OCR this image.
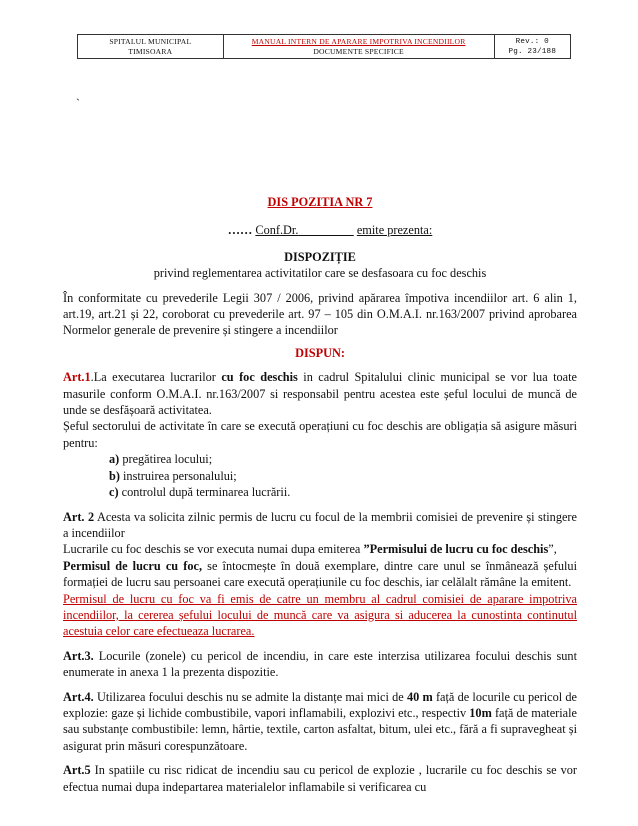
SPITALUL MUNICIPAL
TIMISOARA

MANUAL INTERN DE APARARE IMPOTRIVA INCENDIILOR
DOCUMENTE SPECIFICE

Rev.: 0
Pg. 23/188
`

DIS POZITIA NR 7

…… Conf.Dr.	emite prezenta:

DISPOZIȚIE

privind reglementarea activitatilor care se desfasoara cu foc deschis

În conformitate cu prevederile Legii 307 / 2006, privind apărarea împotiva incendiilor art. 6 alin 1, art.19, art.21 și 22, coroborat cu prevederile art. 97 – 105 din O.M.A.I. nr.163/2007 privind aprobarea Normelor generale de prevenire și stingere a incendiilor

DISPUN:

Art.1.La executarea lucrarilor cu foc deschis in cadrul Spitalului clinic municipal se vor lua toate masurile conform O.M.A.I. nr.163/2007 si responsabil pentru acestea este șeful locului de muncă de unde se desfășoară activitatea.

Șeful sectorului de activitate în care se execută operațiuni cu foc deschis are obligația să asigure măsuri pentru:

a) pregătirea locului;
b) instruirea personalului;
c) controlul după terminarea lucrării.

Art. 2 Acesta va solicita zilnic permis de lucru cu focul de la membrii comisiei de prevenire și stingere a incendiilor

Lucrarile cu foc deschis se vor executa numai dupa emiterea ”Permisului de lucru cu foc deschis”,

Permisul de lucru cu foc, se întocmește în două exemplare, dintre care unul se înmânează șefului formației de lucru sau persoanei care execută operațiunile cu foc deschis, iar celălalt rămâne la emitent.

Permisul de lucru cu foc va fi emis de catre un membru al cadrul comisiei de aparare impotriva incendiilor, la cererea șefului locului de muncă care va asigura si aducerea la cunostinta continutul acestuia celor care efectueaza lucrarea.

Art.3. Locurile (zonele) cu pericol de incendiu, in care este interzisa utilizarea focului deschis sunt enumerate in anexa 1 la prezenta dispozitie.

Art.4. Utilizarea focului deschis nu se admite la distanțe mai mici de 40 m față de locurile cu pericol de explozie: gaze și lichide combustibile, vapori inflamabili, explozivi etc., respectiv 10m față de materiale sau substanțe combustibile: lemn, hârtie, textile, carton asfaltat, bitum, ulei etc., fără a fi supravegheat și asigurat prin măsuri corespunzătoare.

Art.5 In spatiile cu risc ridicat de incendiu sau cu pericol de explozie , lucrarile cu foc deschis se vor efectua numai dupa indepartarea materialelor inflamabile si verificarea cu
